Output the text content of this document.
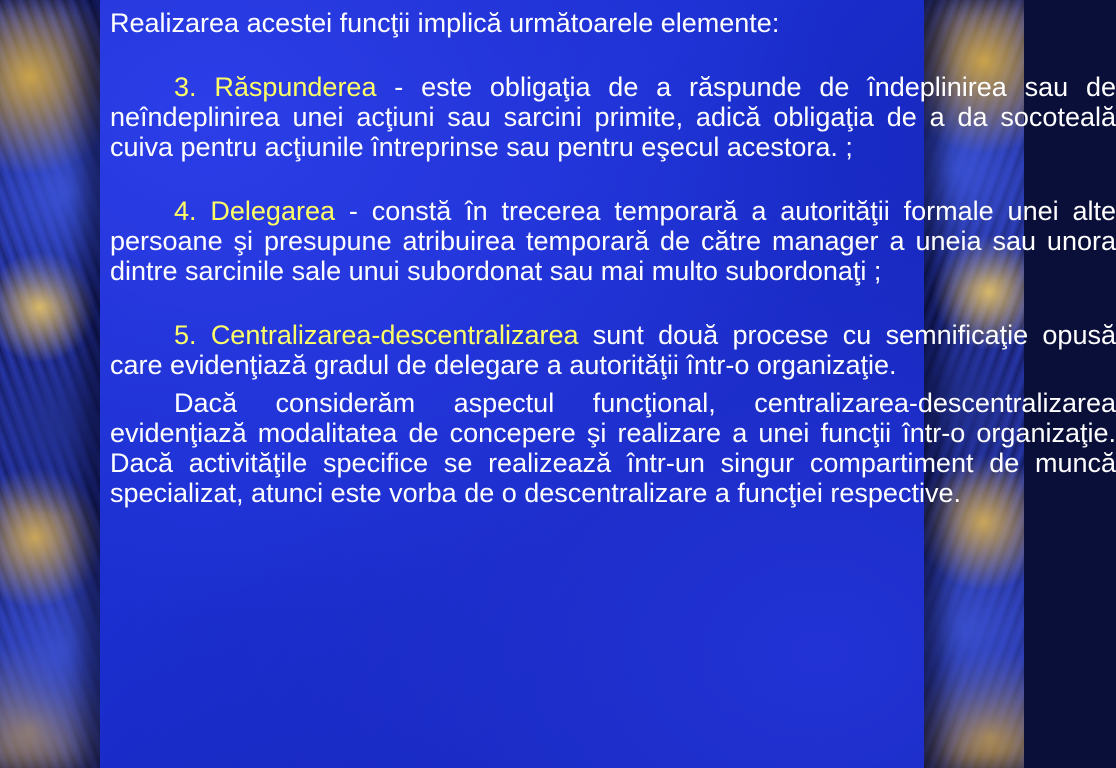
Realizarea acestei funcţii implică următoarele elemente:

3. Răspunderea - este obligaţia de a răspunde de îndeplinirea sau de neîndeplinirea unei acţiuni sau sarcini primite, adică obligaţia de a da socoteală cuiva pentru acţiunile întreprinse sau pentru eşecul acestora. ;

4. Delegarea - constă în trecerea temporară a autorităţii formale unei alte persoane şi presupune atribuirea temporară de către manager a uneia sau unora dintre sarcinile sale unui subordonat sau mai multo subordonaţi ;

5. Centralizarea-descentralizarea sunt două procese cu semnificaţie opusă care evidenţiază gradul de delegare a autorităţii într-o organizaţie.

Dacă considerăm aspectul funcţional, centralizarea-descentralizarea evidenţiază modalitatea de concepere şi realizare a unei funcţii într-o organizaţie. Dacă activităţile specifice se realizează într-un singur compartiment de muncă specializat, atunci este vorba de o descentralizare a funcţiei respective.
